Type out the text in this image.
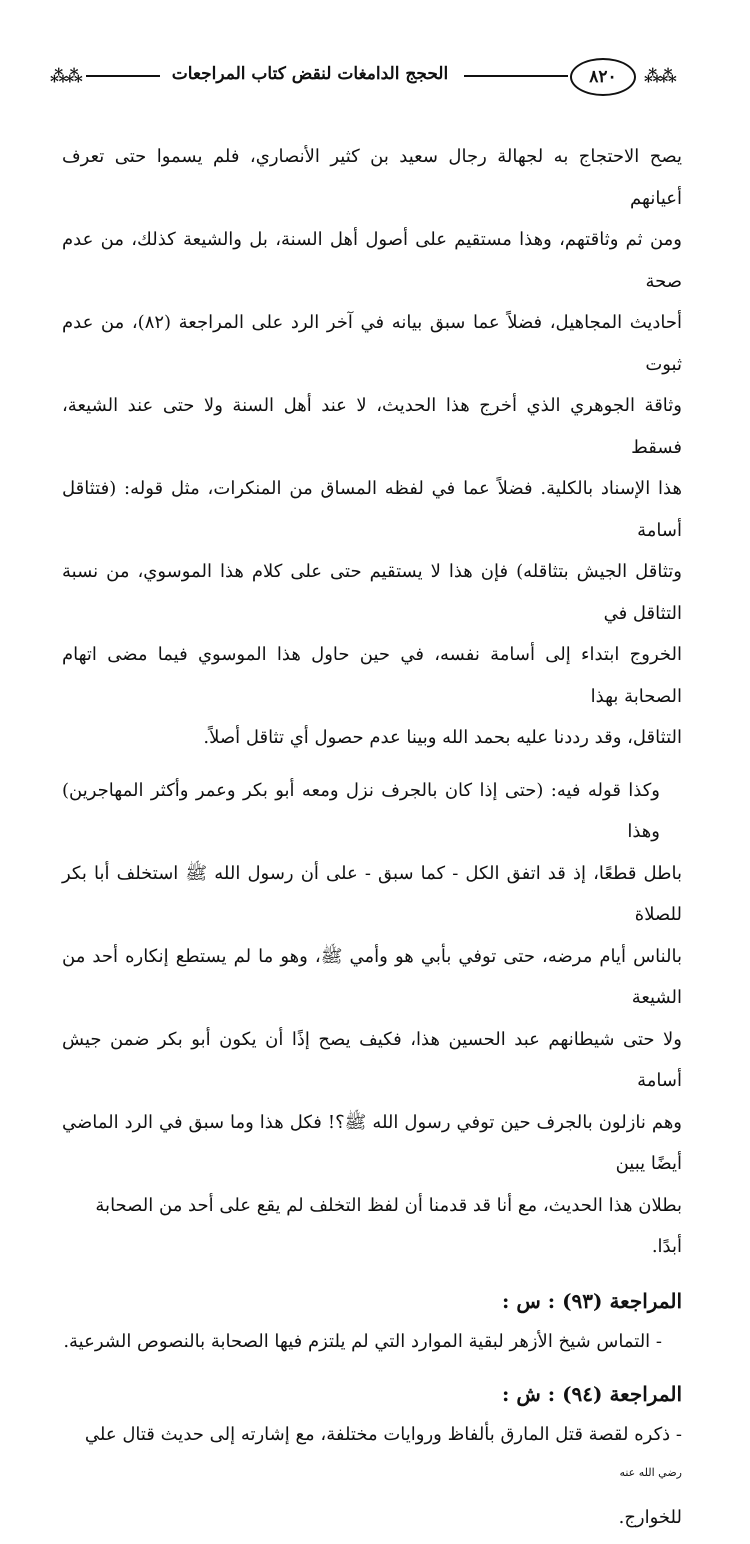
⁂⁂	الحجج الدامغات لنقض كتاب المراجعات	٨٢٠	⁂⁂

يصح الاحتجاج به لجهالة رجال سعيد بن كثير الأنصاري، فلم يسموا حتى تعرف أعيانهم

ومن ثم وثاقتهم، وهذا مستقيم على أصول أهل السنة، بل والشيعة كذلك، من عدم صحة

أحاديث المجاهيل، فضلاً عما سبق بيانه في آخر الرد على المراجعة (٨٢)، من عدم ثبوت

وثاقة الجوهري الذي أخرج هذا الحديث، لا عند أهل السنة ولا حتى عند الشيعة، فسقط

هذا الإسناد بالكلية. فضلاً عما في لفظه المساق من المنكرات، مثل قوله: (فتثاقل أسامة

وتثاقل الجيش بتثاقله) فإن هذا لا يستقيم حتى على كلام هذا الموسوي، من نسبة التثاقل في

الخروج ابتداء إلى أسامة نفسه، في حين حاول هذا الموسوي فيما مضى اتهام الصحابة بهذا

التثاقل، وقد رددنا عليه بحمد الله وبينا عدم حصول أي تثاقل أصلاً.

وكذا قوله فيه: (حتى إذا كان بالجرف نزل ومعه أبو بكر وعمر وأكثر المهاجرين) وهذا

باطل قطعًا، إذ قد اتفق الكل - كما سبق - على أن رسول الله ﷺ استخلف أبا بكر للصلاة

بالناس أيام مرضه، حتى توفي بأبي هو وأمي ﷺ، وهو ما لم يستطع إنكاره أحد من الشيعة

ولا حتى شيطانهم عبد الحسين هذا، فكيف يصح إذًا أن يكون أبو بكر ضمن جيش أسامة

وهم نازلون بالجرف حين توفي رسول الله ﷺ؟! فكل هذا وما سبق في الرد الماضي أيضًا يبين

بطلان هذا الحديث، مع أنا قد قدمنا أن لفظ التخلف لم يقع على أحد من الصحابة أبدًا.

المراجعة (٩٣) : س :

- التماس شيخ الأزهر لبقية الموارد التي لم يلتزم فيها الصحابة بالنصوص الشرعية.

المراجعة (٩٤) : ش :

- ذكره لقصة قتل المارق بألفاظ وروايات مختلفة، مع إشارته إلى حديث قتال علي $^{رضي الله عنه}$

للخوارج.
